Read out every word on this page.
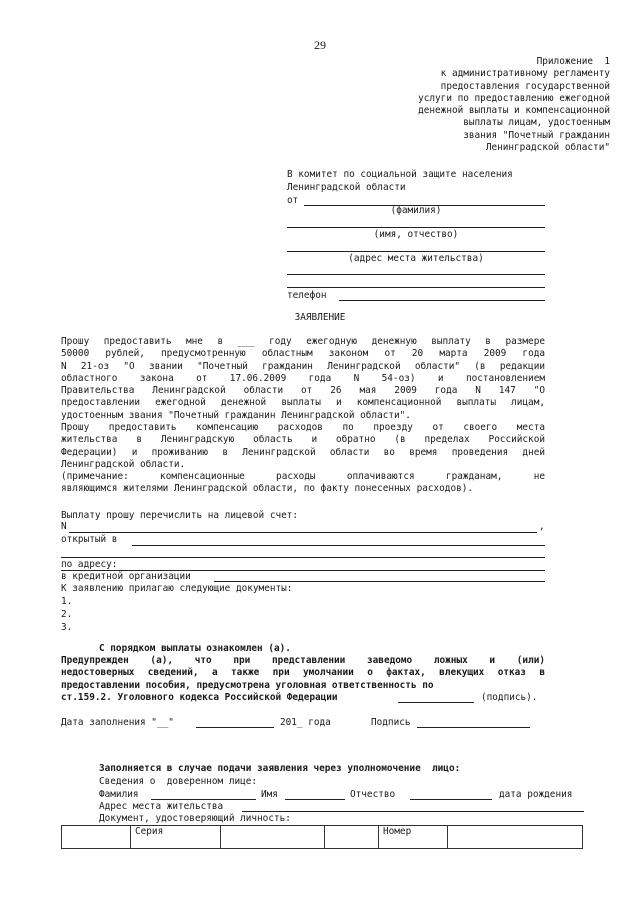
29
Приложение  1
к административному регламенту
предоставления государственной
услуги по предоставлению ежегодной
денежной выплаты и компенсационной
выплаты лицам, удостоенным
звания "Почетный гражданин
Ленинградской области"
В комитет по социальной защите населения
Ленинградской области
от
(фамилия)
(имя, отчество)
(адрес места жительства)
телефон
ЗАЯВЛЕНИЕ
Прошу предоставить мне в ___ году ежегодную денежную выплату в размере
50000 рублей, предусмотренную областным законом от 20 марта 2009 года
N 21-оз "О звании "Почетный гражданин Ленинградской области" (в редакции
областного закона от 17.06.2009 года N 54-оз) и постановлением
Правительства Ленинградской области от 26 мая 2009 года N 147 "О
предоставлении ежегодной денежной выплаты и компенсационной выплаты лицам,
удостоенным звания "Почетный гражданин Ленинградской области".
Прошу предоставить компенсацию расходов по проезду от своего места
жительства в Ленинградскую область и обратно (в пределах Российской
Федерации) и проживанию в Ленинградской области во время проведения дней
Ленинградской области.
(примечание: компенсационные расходы оплачиваются гражданам, не
являющимся жителями Ленинградской области, по факту понесенных расходов).
Выплату прошу перечислить на лицевой счет:
N	,
открытый в
по адресу:
в кредитной организации
К заявлению прилагаю следующие документы:
1.
2.
3.
С порядком выплаты ознакомлен (а).
Предупрежден (а), что при представлении заведомо ложных и (или)
недостоверных сведений, а также при умолчании о фактах, влекущих отказ в
предоставлении пособия, предусмотрена уголовная ответственность по
ст.159.2. Уголовного кодекса Российской Федерации	(подпись).
Дата заполнения "__"	201_ года	Подпись
Заполняется в случае подачи заявления через уполномочение  лицо:
Сведения о  доверенном лице:
Фамилия	Имя	Отчество	дата рождения
Адрес места жительства
Документ, удостоверяющий личность:
	Серия			Номер	
